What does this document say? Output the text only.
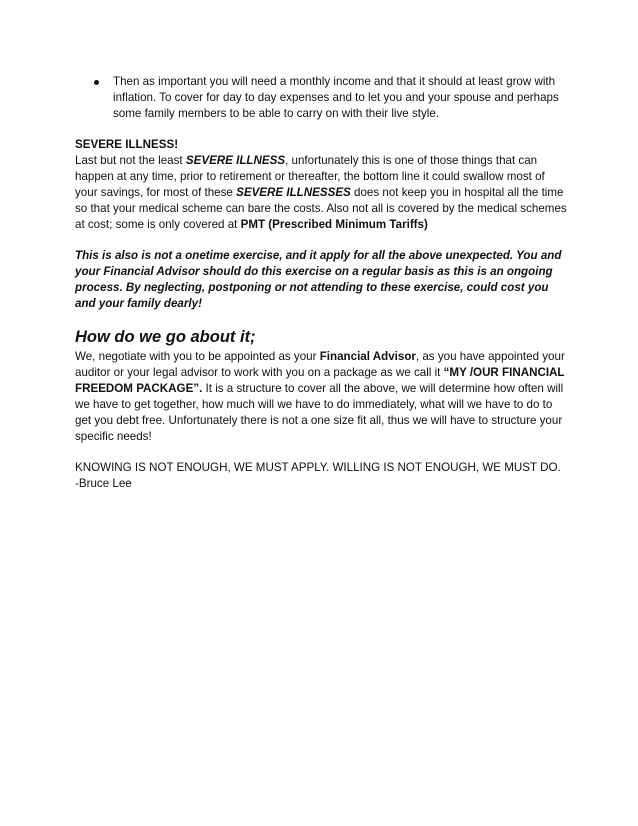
Then as important you will need a monthly income and that it should at least grow with inflation. To cover for day to day expenses and to let you and your spouse and perhaps some family members to be able to carry on with their live style.
SEVERE ILLNESS!
Last but not the least SEVERE ILLNESS, unfortunately this is one of those things that can happen at any time, prior to retirement or thereafter, the bottom line it could swallow most of your savings, for most of these SEVERE ILLNESSES does not keep you in hospital all the time so that your medical scheme can bare the costs. Also not all is covered by the medical schemes at cost; some is only covered at PMT (Prescribed Minimum Tariffs)
This is also is not a onetime exercise, and it apply for all the above unexpected. You and your Financial Advisor should do this exercise on a regular basis as this is an ongoing process. By neglecting, postponing or not attending to these exercise, could cost you and your family dearly!
How do we go about it;
We, negotiate with you to be appointed as your Financial Advisor, as you have appointed your auditor or your legal advisor to work with you on a package as we call it “MY /OUR FINANCIAL FREEDOM PACKAGE”. It is a structure to cover all the above, we will determine how often will we have to get together, how much will we have to do immediately, what will we have to do to get you debt free. Unfortunately there is not a one size fit all, thus we will have to structure your specific needs!
KNOWING IS NOT ENOUGH, WE MUST APPLY. WILLING IS NOT ENOUGH, WE MUST DO.
-Bruce Lee
